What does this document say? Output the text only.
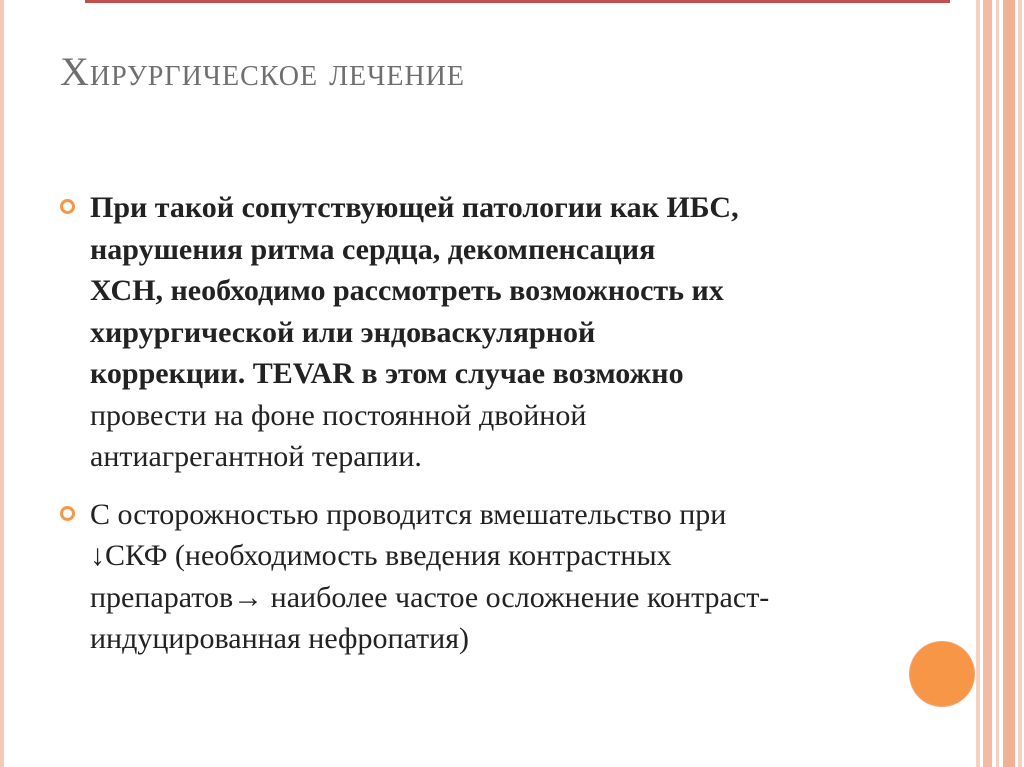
Хирургическое лечение
При такой сопутствующей патологии как ИБС,
нарушения ритма сердца, декомпенсация
ХСН, необходимо рассмотреть возможность их
хирургической или эндоваскулярной
коррекции. TEVAR в этом случае возможно
провести на фоне постоянной двойной
антиагрегантной терапии.
С осторожностью проводится вмешательство при
↓СКФ (необходимость введения контрастных
препаратов→ наиболее частое осложнение контраст-
индуцированная нефропатия)
